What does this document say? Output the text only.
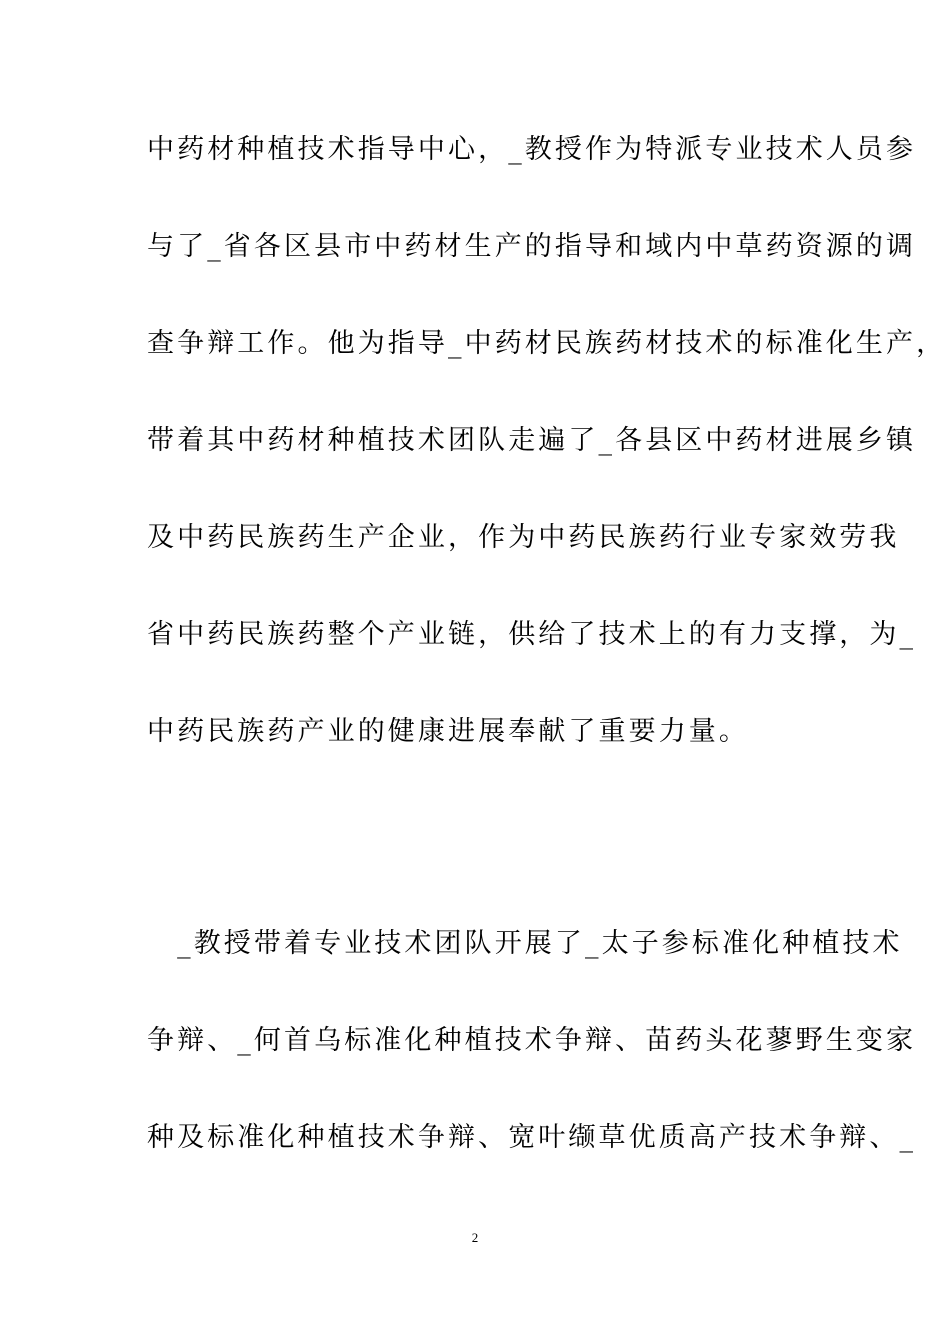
中药材种植技术指导中心，_教授作为特派专业技术人员参
与了_省各区县市中药材生产的指导和域内中草药资源的调
查争辩工作。他为指导_中药材民族药材技术的标准化生产，
带着其中药材种植技术团队走遍了_各县区中药材进展乡镇
及中药民族药生产企业，作为中药民族药行业专家效劳我
省中药民族药整个产业链，供给了技术上的有力支撑，为_
中药民族药产业的健康进展奉献了重要力量。
　_教授带着专业技术团队开展了_太子参标准化种植技术
争辩、_何首乌标准化种植技术争辩、苗药头花蓼野生变家
种及标准化种植技术争辩、宽叶缬草优质高产技术争辩、_
2
